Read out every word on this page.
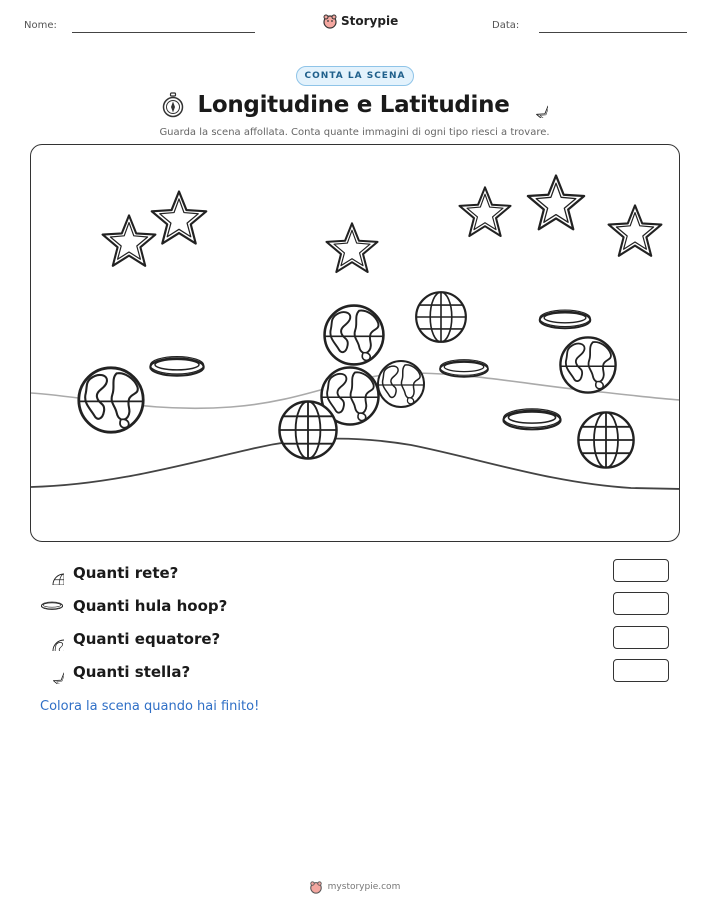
Nome:	Storypie	Data:
CONTA LA SCENA
Longitudine e Latitudine
Guarda la scena affollata. Conta quante immagini di ogni tipo riesci a trovare.
Quanti rete?
Quanti hula hoop?
Quanti equatore?
Quanti stella?
Colora la scena quando hai finito!
mystorypie.com
